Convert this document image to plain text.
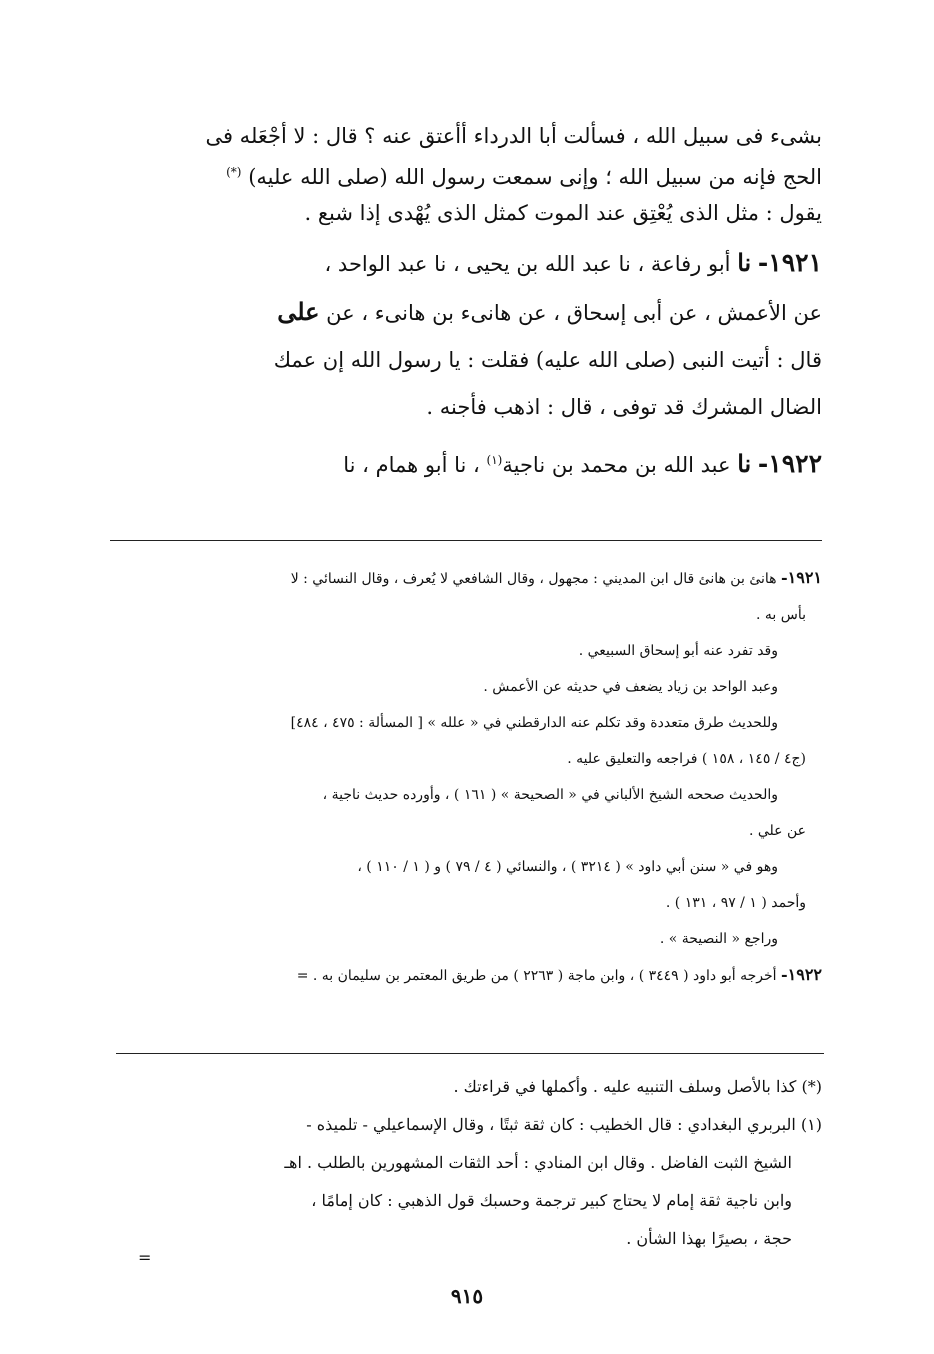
بشىء فى سبيل الله ، فسألت أبا الدرداء أأعتق عنه ؟ قال : لا أجْعَله فى

الحج فإنه من سبيل الله ؛ وإنى سمعت رسول الله (صلى الله عليه) (*)

يقول : مثل الذى يُعْتِق عند الموت كمثل الذى يُهْدى إذا شبع .

١٩٢١- نا أبو رفاعة ، نا عبد الله بن يحيى ، نا عبد الواحد ،

عن الأعمش ، عن أبى إسحاق ، عن هانىء بن هانىء ، عن على

قال : أتيت النبى (صلى الله عليه) فقلت : يا رسول الله إن عمك

الضال المشرك قد توفى ، قال : اذهب فأجنه .

١٩٢٢- نا عبد الله بن محمد بن ناجية$^{(١)}$ ، نا أبو همام ، نا

١٩٢١- هانئ بن هانئ قال ابن المديني : مجهول ، وقال الشافعي لا يُعرف ، وقال النسائي : لا

بأس به .

وقد تفرد عنه أبو إسحاق السبيعي .

وعبد الواحد بن زياد يضعف في حديثه عن الأعمش .

وللحديث طرق متعددة وقد تكلم عنه الدارقطني في « علله » [ المسألة : ٤٧٥ ، ٤٨٤]

(ج٤ / ١٤٥ ، ١٥٨ ) فراجعه والتعليق عليه .

والحديث صححه الشيخ الألباني في « الصحيحة » ( ١٦١ ) ، وأورده حديث ناجية ،

عن علي .

وهو في « سنن أبي داود » ( ٣٢١٤ ) ، والنسائي ( ٤ / ٧٩ ) و ( ١ / ١١٠ ) ،

وأحمد ( ١ / ٩٧ ، ١٣١ ) .

وراجع « النصيحة » .

١٩٢٢- أخرجه أبو داود ( ٣٤٤٩ ) ، وابن ماجة ( ٢٢٦٣ ) من طريق المعتمر بن سليمان به . =

(*) كذا بالأصل وسلف التنبيه عليه . وأكملها في قراءتك .

(١) البربري البغدادي : قال الخطيب : كان ثقة ثبتًا ، وقال الإسماعيلي - تلميذه -

الشيخ الثبت الفاضل . وقال ابن المنادي : أحد الثقات المشهورين بالطلب . اهـ

وابن ناجية ثقة إمام لا يحتاج كبير ترجمة وحسبك قول الذهبي : كان إمامًا ،

حجة ، بصيرًا بهذا الشأن .

=
٩١٥
